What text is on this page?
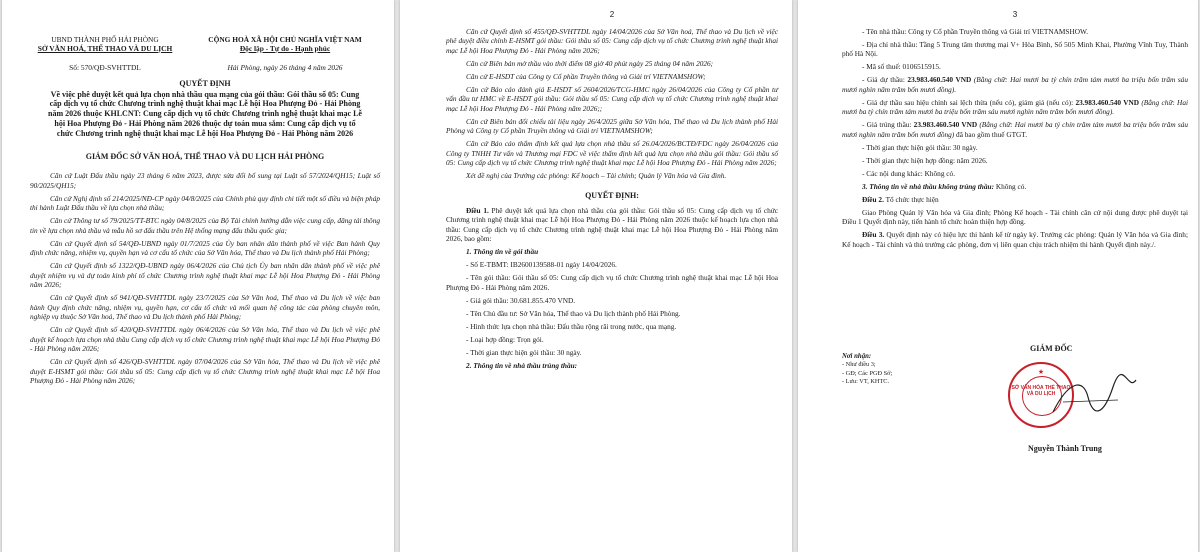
UBND THÀNH PHỐ HẢI PHÒNG

SỞ VĂN HOÁ, THỂ THAO VÀ DU LỊCH

Số: 570/QĐ-SVHTTDL

CỘNG HOÀ XÃ HỘI CHỦ NGHĨA VIỆT NAM

Độc lập - Tự do - Hạnh phúc

Hải Phòng, ngày 26 tháng 4 năm 2026

QUYẾT ĐỊNH
Về việc phê duyệt kết quả lựa chọn nhà thầu qua mạng của gói thầu: Gói thầu số 05: Cung cấp dịch vụ tổ chức Chương trình nghệ thuật khai mạc Lễ hội Hoa Phượng Đỏ - Hải Phòng năm 2026 thuộc KHLCNT: Cung cấp dịch vụ tổ chức Chương trình nghệ thuật khai mạc Lễ hội Hoa Phượng Đỏ - Hải Phòng năm 2026 thuộc dự toán mua sắm: Cung cấp dịch vụ tổ chức Chương trình nghệ thuật khai mạc Lễ hội Hoa Phượng Đỏ - Hải Phòng năm 2026
GIÁM ĐỐC SỞ VĂN HOÁ, THỂ THAO VÀ DU LỊCH HẢI PHÒNG

Căn cứ Luật Đấu thầu ngày 23 tháng 6 năm 2023, được sửa đổi bổ sung tại Luật số 57/2024/QH15; Luật số 90/2025/QH15;

Căn cứ Nghị định số 214/2025/NĐ-CP ngày 04/8/2025 của Chính phủ quy định chi tiết một số điều và biện pháp thi hành Luật Đấu thầu về lựa chọn nhà thầu;

Căn cứ Thông tư số 79/2025/TT-BTC ngày 04/8/2025 của Bộ Tài chính hướng dẫn việc cung cấp, đăng tải thông tin về lựa chọn nhà thầu và mẫu hồ sơ đấu thầu trên Hệ thống mạng đấu thầu quốc gia;

Căn cứ Quyết định số 54/QĐ-UBND ngày 01/7/2025 của Ủy ban nhân dân thành phố về việc Ban hành Quy định chức năng, nhiệm vụ, quyền hạn và cơ cấu tổ chức của Sở Văn hóa, Thể thao và Du lịch thành phố Hải Phòng;

Căn cứ Quyết định số 1322/QĐ-UBND ngày 06/4/2026 của Chủ tịch Ủy ban nhân dân thành phố về việc phê duyệt nhiệm vụ và dự toán kinh phí tổ chức Chương trình nghệ thuật khai mạc Lễ hội Hoa Phượng Đỏ - Hải Phòng năm 2026;

Căn cứ Quyết định số 941/QĐ-SVHTTDL ngày 23/7/2025 của Sở Văn hoá, Thể thao và Du lịch về việc ban hành Quy định chức năng, nhiệm vụ, quyền hạn, cơ cấu tổ chức và mối quan hệ công tác của phòng chuyên môn, nghiệp vụ thuộc Sở Văn hoá, Thể thao và Du lịch thành phố Hải Phòng;

Căn cứ Quyết định số 420/QĐ-SVHTTDL ngày 06/4/2026 của Sở Văn hóa, Thể thao và Du lịch về việc phê duyệt kế hoạch lựa chọn nhà thầu Cung cấp dịch vụ tổ chức Chương trình nghệ thuật khai mạc Lễ hội Hoa Phượng Đỏ - Hải Phòng năm 2026;

Căn cứ Quyết định số 426/QĐ-SVHTTDL ngày 07/04/2026 của Sở Văn hóa, Thể thao và Du lịch về việc phê duyệt E-HSMT gói thầu: Gói thầu số 05: Cung cấp dịch vụ tổ chức Chương trình nghệ thuật khai mạc Lễ hội Hoa Phượng Đỏ - Hải Phòng năm 2026;

2

Căn cứ Quyết định số 455/QĐ-SVHTTDL ngày 14/04/2026 của Sở Văn hoá, Thể thao và Du lịch về việc phê duyệt điều chỉnh E-HSMT gói thầu: Gói thầu số 05: Cung cấp dịch vụ tổ chức Chương trình nghệ thuật khai mạc Lễ hội Hoa Phượng Đỏ - Hải Phòng năm 2026;

Căn cứ Biên bản mở thầu vào thời điểm 08 giờ 40 phút ngày 25 tháng 04 năm 2026;

Căn cứ E-HSDT của Công ty Cổ phần Truyền thông và Giải trí VIETNAMSHOW;

Căn cứ Báo cáo đánh giá E-HSDT số 2604/2026/TCG-HMC ngày 26/04/2026 của Công ty Cổ phần tư vấn đầu tư HMC về E-HSDT gói thầu: Gói thầu số 05: Cung cấp dịch vụ tổ chức Chương trình nghệ thuật khai mạc Lễ hội Hoa Phượng Đỏ - Hải Phòng năm 2026;;

Căn cứ Biên bản đối chiếu tài liệu ngày 26/4/2025 giữa Sở Văn hóa, Thể thao và Du lịch thành phố Hải Phòng và Công ty Cổ phần Truyền thông và Giải trí VIETNAMSHOW;

Căn cứ Báo cáo thẩm định kết quả lựa chọn nhà thầu số 26.04/2026/BCTĐ/FDC ngày 26/04/2026 của Công ty TNHH Tư vấn và Thương mại FDC về việc thẩm định kết quả lựa chọn nhà thầu gói thầu: Gói thầu số 05: Cung cấp dịch vụ tổ chức Chương trình nghệ thuật khai mạc Lễ hội Hoa Phượng Đỏ - Hải Phòng năm 2026;

Xét đề nghị của Trưởng các phòng: Kế hoạch – Tài chính; Quản lý Văn hóa và Gia đình.

QUYẾT ĐỊNH:

Điều 1. Phê duyệt kết quả lựa chọn nhà thầu của gói thầu: Gói thầu số 05: Cung cấp dịch vụ tổ chức Chương trình nghệ thuật khai mạc Lễ hội Hoa Phượng Đỏ - Hải Phòng năm 2026 thuộc kế hoạch lựa chọn nhà thầu: Cung cấp dịch vụ tổ chức Chương trình nghệ thuật khai mạc Lễ hội Hoa Phượng Đỏ - Hải Phòng năm 2026, bao gồm:

1. Thông tin về gói thầu

- Số E-TBMT: IB2600139588-01 ngày 14/04/2026.

- Tên gói thầu: Gói thầu số 05: Cung cấp dịch vụ tổ chức Chương trình nghệ thuật khai mạc Lễ hội Hoa Phượng Đỏ - Hải Phòng năm 2026.

- Giá gói thầu: 30.681.855.470 VND.

- Tên Chủ đầu tư: Sở Văn hóa, Thể thao và Du lịch thành phố Hải Phòng.

- Hình thức lựa chọn nhà thầu: Đấu thầu rộng rãi trong nước, qua mạng.

- Loại hợp đồng: Trọn gói.

- Thời gian thực hiện gói thầu: 30 ngày.

2. Thông tin về nhà thầu trúng thầu:

3

- Tên nhà thầu: Công ty Cổ phần Truyền thông và Giải trí VIETNAMSHOW.

- Địa chỉ nhà thầu: Tầng 5 Trung tâm thương mại V+ Hòa Bình, Số 505 Minh Khai, Phường Vĩnh Tuy, Thành phố Hà Nội.

- Mã số thuế: 0106515915.

- Giá dự thầu: 23.983.460.540 VND (Bằng chữ: Hai mươi ba tỷ chín trăm tám mươi ba triệu bốn trăm sáu mươi nghìn năm trăm bốn mươi đồng).

- Giá dự thầu sau hiệu chỉnh sai lệch thừa (nếu có), giảm giá (nếu có): 23.983.460.540 VND (Bằng chữ: Hai mươi ba tỷ chín trăm tám mươi ba triệu bốn trăm sáu mươi nghìn năm trăm bốn mươi đồng).

- Giá trúng thầu: 23.983.460.540 VND (Bằng chữ: Hai mươi ba tỷ chín trăm tám mươi ba triệu bốn trăm sáu mươi nghìn năm trăm bốn mươi đồng) đã bao gồm thuế GTGT.

- Thời gian thực hiện gói thầu: 30 ngày.

- Thời gian thực hiện hợp đồng: năm 2026.

- Các nội dung khác: Không có.

3. Thông tin về nhà thầu không trúng thầu: Không có.

Điều 2. Tổ chức thực hiện

Giao Phòng Quản lý Văn hóa và Gia đình; Phòng Kế hoạch - Tài chính căn cứ nội dung được phê duyệt tại Điều 1 Quyết định này, tiến hành tổ chức hoàn thiện hợp đồng.

Điều 3. Quyết định này có hiệu lực thi hành kể từ ngày ký. Trưởng các phòng: Quản lý Văn hóa và Gia đình; Kế hoạch - Tài chính và thủ trưởng các phòng, đơn vị liên quan chịu trách nhiệm thi hành Quyết định này./.

GIÁM ĐỐC

Nơi nhận:

- Như điều 3;

- GĐ; Các PGĐ Sở;

- Lưu: VT, KHTC.

★
SỞ VĂN HÓA THỂ THAO VÀ DU LỊCH
Nguyễn Thành Trung
